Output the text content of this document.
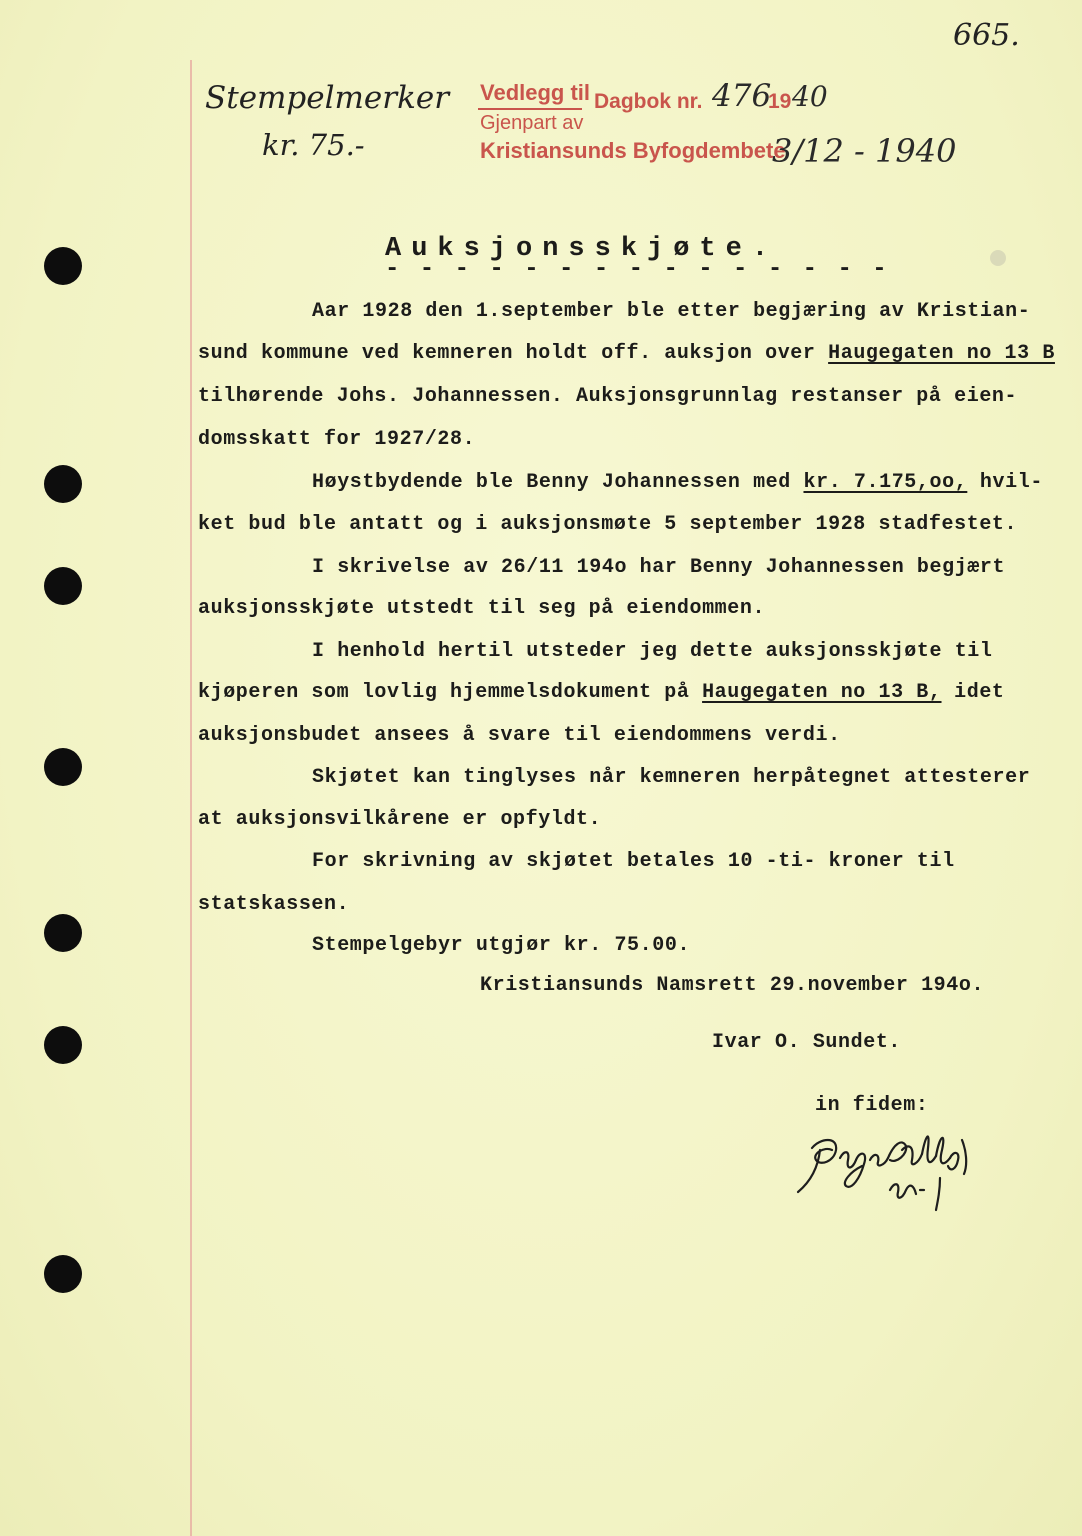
665.
Stempelmerker
kr. 75.-
Vedlegg til Dagbok nr. 476
19 40
Gjenpart av
Kristiansunds Byfogdembete
3/12 - 1940
Auksjonsskjøte.
- - - - - - - - - - - - - - -
Aar 1928 den 1.september ble etter begjæring av Kristian-
sund kommune ved kemneren holdt off. auksjon over Haugegaten no 13 B
tilhørende Johs. Johannessen. Auksjonsgrunnlag restanser på eien-
domsskatt for 1927/28.
Høystbydende ble Benny Johannessen med kr. 7.175,oo, hvil-
ket bud ble antatt og i auksjonsmøte 5 september 1928 stadfestet.
I skrivelse av 26/11 194o har Benny Johannessen begjært
auksjonsskjøte utstedt til seg på eiendommen.
I henhold hertil utsteder jeg dette auksjonsskjøte til
kjøperen som lovlig hjemmelsdokument på Haugegaten no 13 B, idet
auksjonsbudet ansees å svare til eiendommens verdi.
Skjøtet kan tinglyses når kemneren herpåtegnet attesterer
at auksjonsvilkårene er opfyldt.
For skrivning av skjøtet betales 10 -ti- kroner til
statskassen.
Stempelgebyr utgjør kr. 75.00.
Kristiansunds Namsrett 29.november 194o.
Ivar O. Sundet.
in fidem:
